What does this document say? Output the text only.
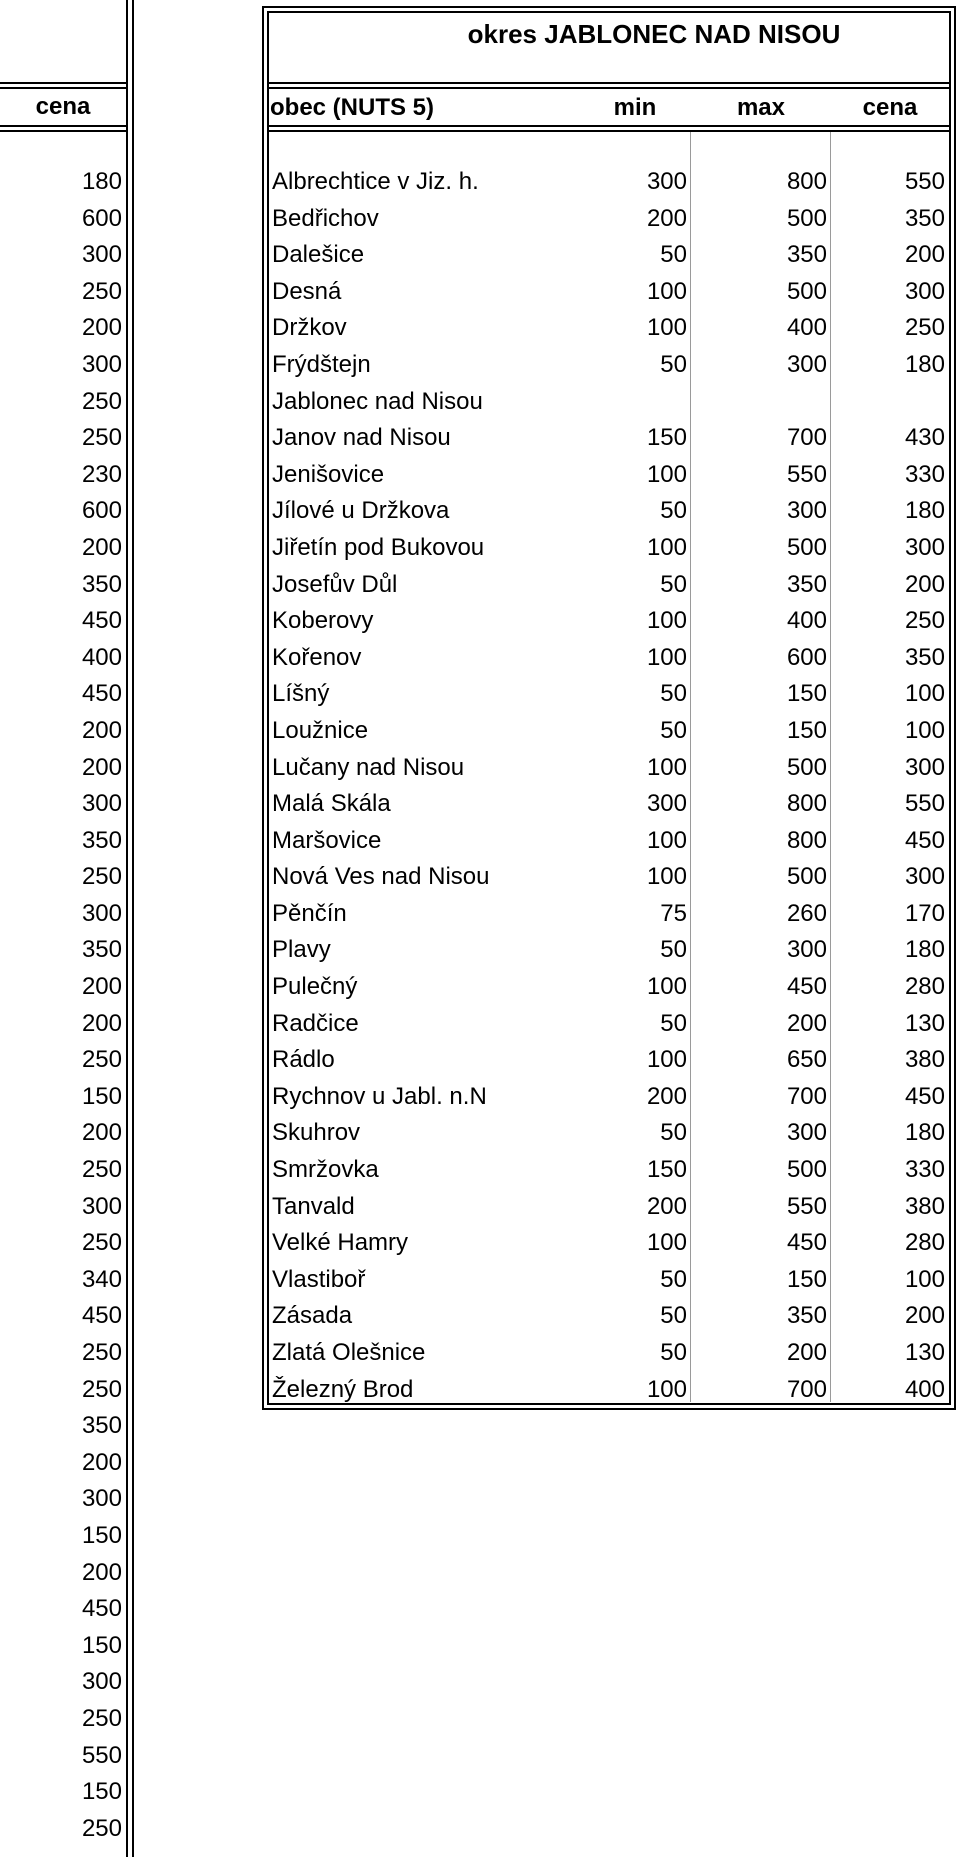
cena
180
600
300
250
200
300
250
250
230
600
200
350
450
400
450
200
200
300
350
250
300
350
200
200
250
150
200
250
300
250
340
450
250
250
350
200
300
150
200
450
150
300
250
550
150
250
okres JABLONEC NAD NISOU
obec (NUTS 5)	min	max	cena
Albrechtice v Jiz. h.	300	800	550
Bedřichov	200	500	350
Dalešice	50	350	200
Desná	100	500	300
Držkov	100	400	250
Frýdštejn	50	300	180
Jablonec nad Nisou
Janov nad Nisou	150	700	430
Jenišovice	100	550	330
Jílové u Držkova	50	300	180
Jiřetín pod Bukovou	100	500	300
Josefův Důl	50	350	200
Koberovy	100	400	250
Kořenov	100	600	350
Líšný	50	150	100
Loužnice	50	150	100
Lučany nad Nisou	100	500	300
Malá Skála	300	800	550
Maršovice	100	800	450
Nová Ves nad Nisou	100	500	300
Pěnčín	75	260	170
Plavy	50	300	180
Pulečný	100	450	280
Radčice	50	200	130
Rádlo	100	650	380
Rychnov u Jabl. n.N	200	700	450
Skuhrov	50	300	180
Smržovka	150	500	330
Tanvald	200	550	380
Velké Hamry	100	450	280
Vlastiboř	50	150	100
Zásada	50	350	200
Zlatá Olešnice	50	200	130
Železný Brod	100	700	400
